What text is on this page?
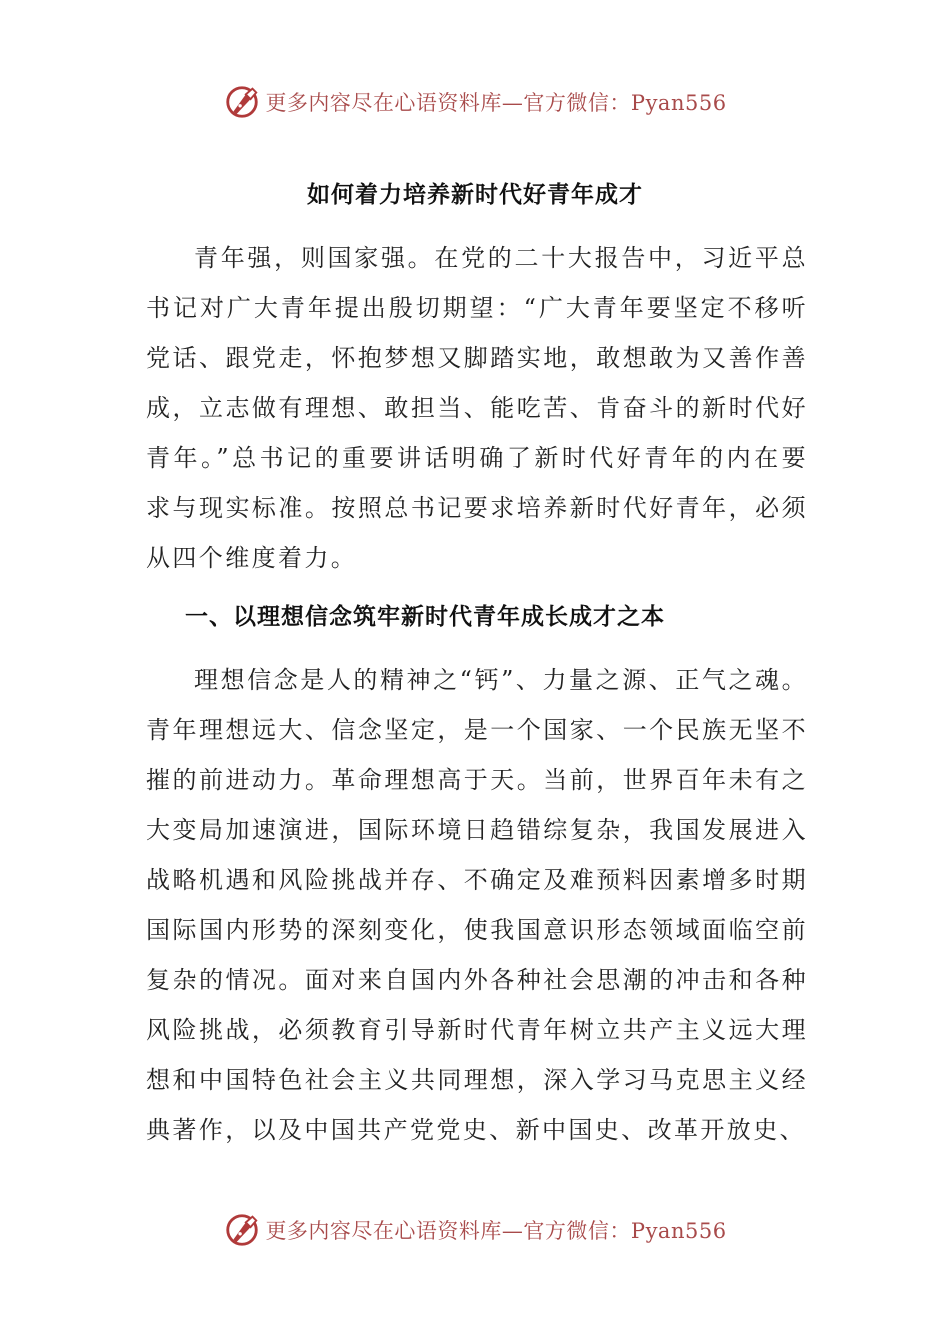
更多内容尽在心语资料库—官方微信：Pyan556
如何着力培养新时代好青年成才

青年强，则国家强。在党的二十大报告中，习近平总书记对广大青年提出殷切期望：“广大青年要坚定不移听党话、跟党走，怀抱梦想又脚踏实地，敢想敢为又善作善成，立志做有理想、敢担当、能吃苦、肯奋斗的新时代好青年。”总书记的重要讲话明确了新时代好青年的内在要求与现实标准。按照总书记要求培养新时代好青年，必须从四个维度着力。

一、以理想信念筑牢新时代青年成长成才之本

理想信念是人的精神之“钙”、力量之源、正气之魂。青年理想远大、信念坚定，是一个国家、一个民族无坚不摧的前进动力。革命理想高于天。当前，世界百年未有之大变局加速演进，国际环境日趋错综复杂，我国发展进入战略机遇和风险挑战并存、不确定及难预料因素增多时期国际国内形势的深刻变化，使我国意识形态领域面临空前复杂的情况。面对来自国内外各种社会思潮的冲击和各种风险挑战，必须教育引导新时代青年树立共产主义远大理想和中国特色社会主义共同理想，深入学习马克思主义经典著作，以及中国共产党党史、新中国史、改革开放史、

更多内容尽在心语资料库—官方微信：Pyan556
